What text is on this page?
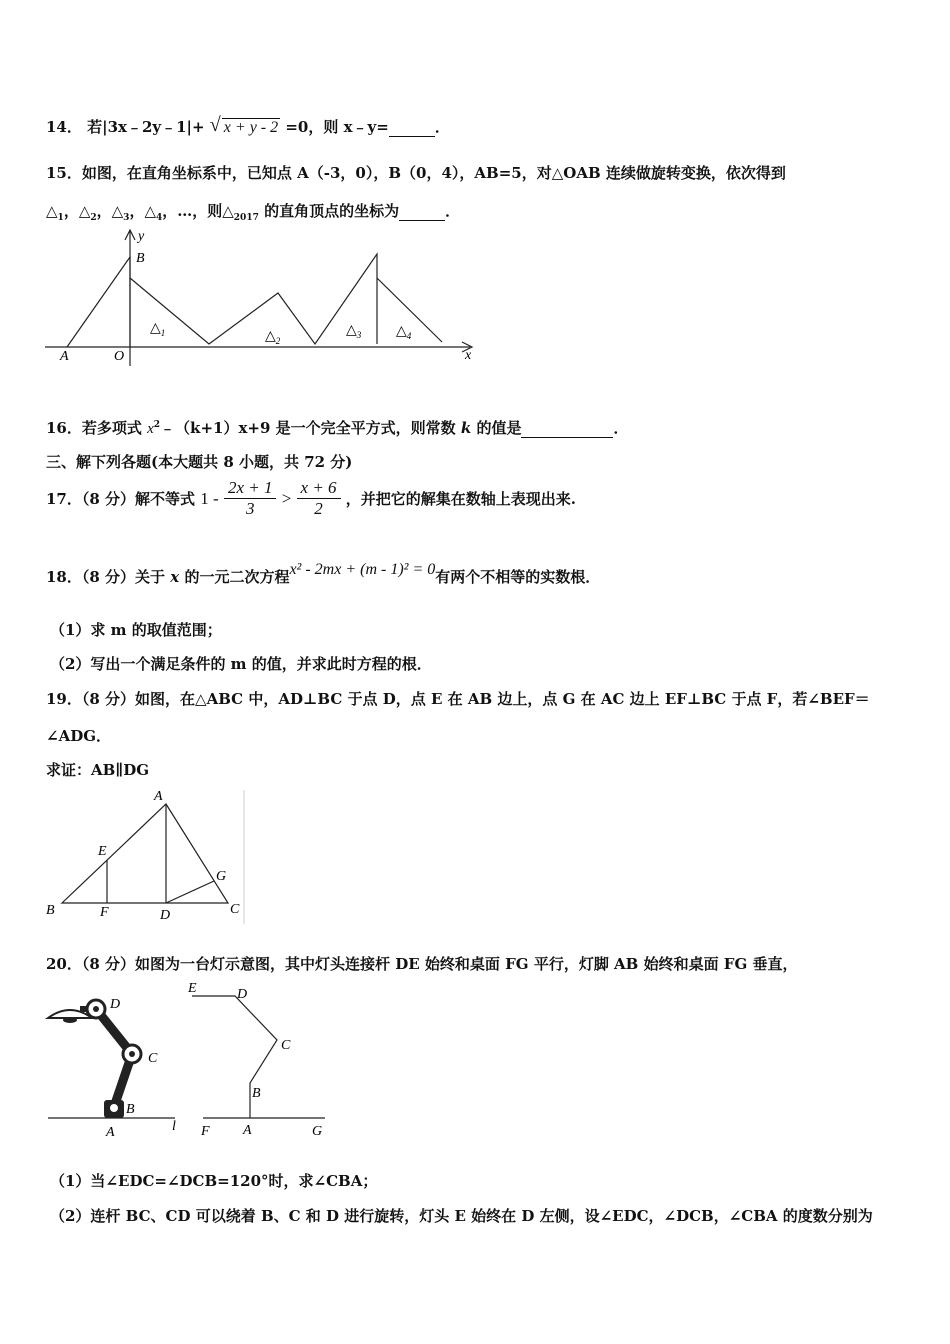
14． 若|3x﹣2y﹣1|+ √ x + y - 2 =0，则 x﹣y=	．
15．如图，在直角坐标系中，已知点 A（-3，0），B（0，4），AB=5，对△OAB 连续做旋转变换，依次得到
$\triangle_1$，$\triangle_2$，$\triangle_3$，$\triangle_4$，…，则$\triangle_{2017}$ 的直角顶点的坐标为	．
A	O
B
y
x
$\triangle_1$	$\triangle_2$
$\triangle_3$ $\triangle_4$
16．若多项式 $x^2﹣(k+1)x+9$ 是一个完全平方式，则常数 k 的值是	．
三、解下列各题(本大题共 8 小题，共 72 分)
17．（8 分）解不等式 $1 - \frac{2x + 1}{3} > \frac{x + 6}{2}$ ，并把它的解集在数轴上表现出来.
18．（8 分）关于 x 的一元二次方程x² - 2mx + (m - 1)² = 0有两个不相等的实数根．
（1）求 m 的取值范围；
（2）写出一个满足条件的 m 的值，并求此时方程的根．
19．（8 分）如图，在△ABC 中，AD⊥BC 于点 D，点 E 在 AB 边上，点 G 在 AC 边上 EF⊥BC 于点 F，若∠BEF＝
∠ADG．
求证：AB∥DG
A
B	C
D
E
F
G
20．（8 分）如图为一台灯示意图，其中灯头连接杆 DE 始终和桌面 FG 平行，灯脚 AB 始终和桌面 FG 垂直，
D
C
B
A	l
E	D
C
B
F A	G
（1）当∠EDC=∠DCB=120°时，求∠CBA；
（2）连杆 BC、CD 可以绕着 B、C 和 D 进行旋转，灯头 E 始终在 D 左侧，设∠EDC，∠DCB，∠CBA 的度数分别为
